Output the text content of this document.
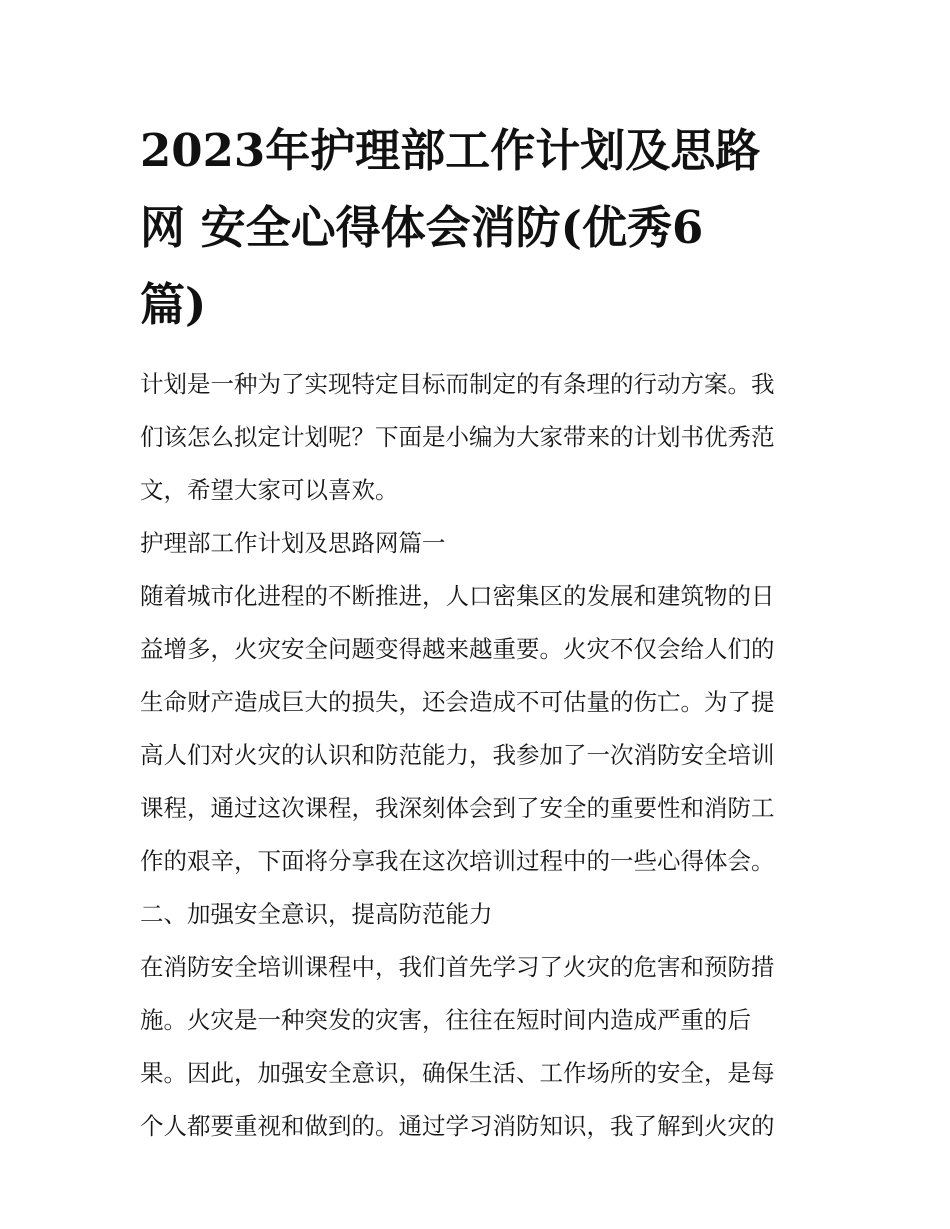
2023年护理部工作计划及思路
网 安全心得体会消防(优秀6
篇)
计划是一种为了实现特定目标而制定的有条理的行动方案。我
们该怎么拟定计划呢？下面是小编为大家带来的计划书优秀范
文，希望大家可以喜欢。
护理部工作计划及思路网篇一
随着城市化进程的不断推进，人口密集区的发展和建筑物的日
益增多，火灾安全问题变得越来越重要。火灾不仅会给人们的
生命财产造成巨大的损失，还会造成不可估量的伤亡。为了提
高人们对火灾的认识和防范能力，我参加了一次消防安全培训
课程，通过这次课程，我深刻体会到了安全的重要性和消防工
作的艰辛，下面将分享我在这次培训过程中的一些心得体会。
二、加强安全意识，提高防范能力
在消防安全培训课程中，我们首先学习了火灾的危害和预防措
施。火灾是一种突发的灾害，往往在短时间内造成严重的后
果。因此，加强安全意识，确保生活、工作场所的安全，是每
个人都要重视和做到的。通过学习消防知识，我了解到火灾的
